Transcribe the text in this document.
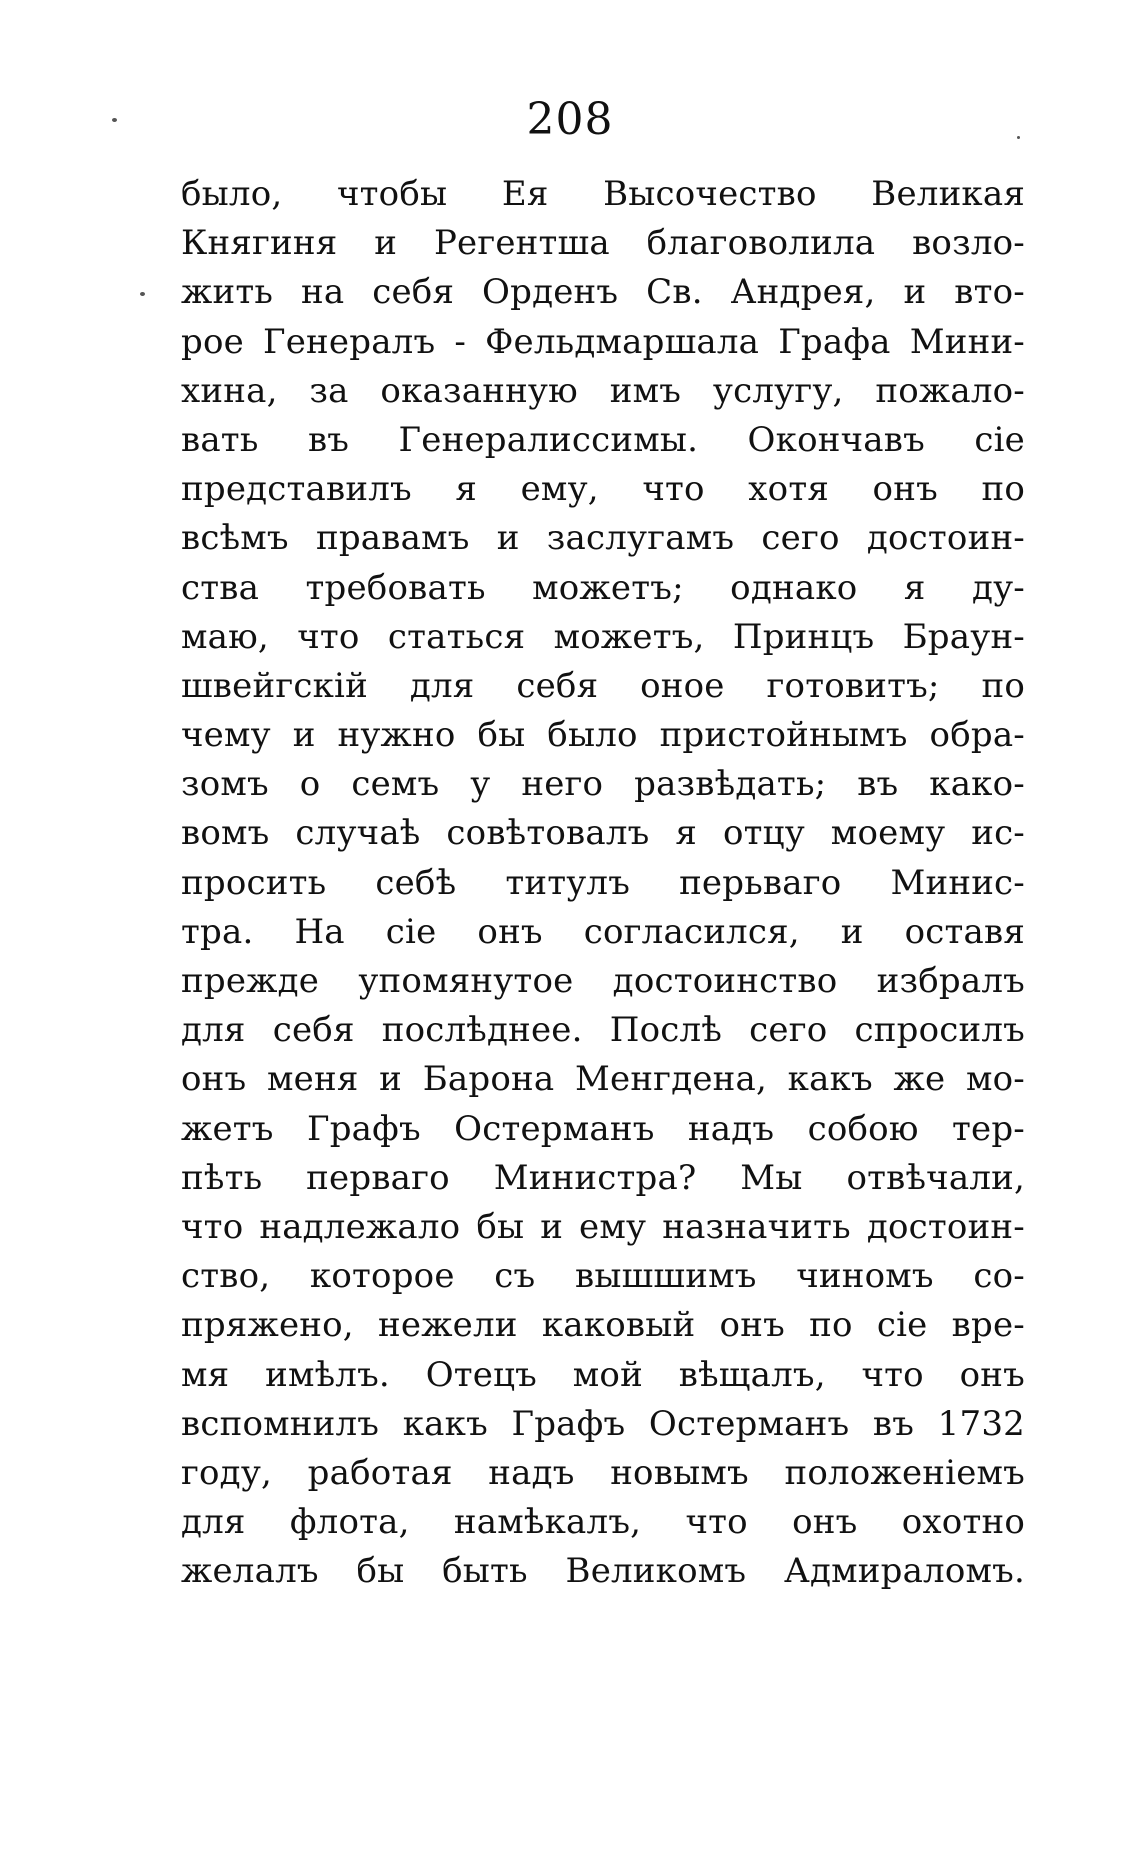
208
было, чтобы Ея Высочество Великая
Княгиня и Регентша благоволила возло-
жить на себя Орденъ Св. Андрея, и вто-
рое Генералъ - Фельдмаршала Графа Мини-
хина, за оказанную имъ услугу, пожало-
вать въ Генералиссимы. Окончавъ сіе
представилъ я ему, что хотя онъ по
всѣмъ правамъ и заслугамъ сего достоин-
ства требовать можетъ; однако я ду-
маю, что статься можетъ, Принцъ Браун-
швейгскій для себя оное готовитъ; по
чему и нужно бы было пристойнымъ обра-
зомъ о семъ у него развѣдать; въ како-
вомъ случаѣ совѣтовалъ я отцу моему ис-
просить себѣ титулъ перьваго Минис-
тра. На сіе онъ согласился, и оставя
прежде упомянутое достоинство избралъ
для себя послѣднее. Послѣ сего спросилъ
онъ меня и Барона Менгдена, какъ же мо-
жетъ Графъ Остерманъ надъ собою тер-
пѣть перваго Министра? Мы отвѣчали,
что надлежало бы и ему назначить достоин-
ство, которое съ вышшимъ чиномъ со-
пряжено, нежели каковый онъ по сіе вре-
мя имѣлъ. Отецъ мой вѣщалъ, что онъ
вспомнилъ какъ Графъ Остерманъ въ 1732
году, работая надъ новымъ положеніемъ
для флота, намѣкалъ, что онъ охотно
желалъ бы быть Великомъ Адмираломъ.
